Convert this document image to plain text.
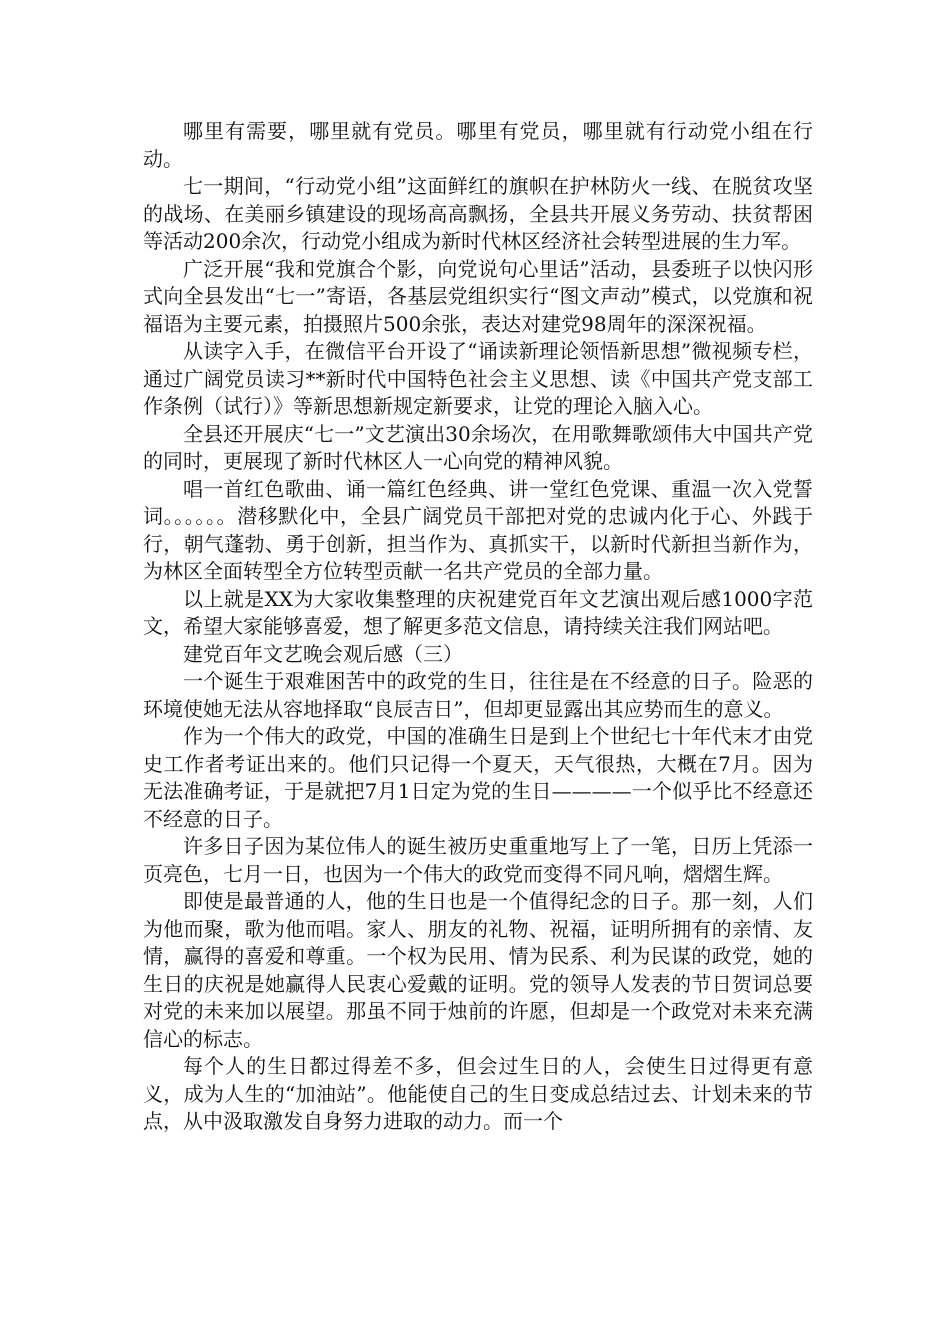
哪里有需要，哪里就有党员。哪里有党员，哪里就有行动党小组在行动。

七一期间，“行动党小组”这面鲜红的旗帜在护林防火一线、在脱贫攻坚的战场、在美丽乡镇建设的现场高高飘扬，全县共开展义务劳动、扶贫帮困等活动200余次，行动党小组成为新时代林区经济社会转型进展的生力军。

广泛开展“我和党旗合个影，向党说句心里话”活动，县委班子以快闪形式向全县发出“七一”寄语，各基层党组织实行“图文声动”模式，以党旗和祝福语为主要元素，拍摄照片500余张，表达对建党98周年的深深祝福。

从读字入手，在微信平台开设了“诵读新理论领悟新思想”微视频专栏，通过广阔党员读习**新时代中国特色社会主义思想、读《中国共产党支部工作条例（试行）》等新思想新规定新要求，让党的理论入脑入心。

全县还开展庆“七一”文艺演出30余场次，在用歌舞歌颂伟大中国共产党的同时，更展现了新时代林区人一心向党的精神风貌。

唱一首红色歌曲、诵一篇红色经典、讲一堂红色党课、重温一次入党誓词。。。。。。潜移默化中，全县广阔党员干部把对党的忠诚内化于心、外践于行，朝气蓬勃、勇于创新，担当作为、真抓实干，以新时代新担当新作为，为林区全面转型全方位转型贡献一名共产党员的全部力量。

以上就是XX为大家收集整理的庆祝建党百年文艺演出观后感1000字范文，希望大家能够喜爱，想了解更多范文信息，请持续关注我们网站吧。

建党百年文艺晚会观后感（三）

一个诞生于艰难困苦中的政党的生日，往往是在不经意的日子。险恶的环境使她无法从容地择取“良辰吉日”，但却更显露出其应势而生的意义。

作为一个伟大的政党，中国的准确生日是到上个世纪七十年代末才由党史工作者考证出来的。他们只记得一个夏天，天气很热，大概在7月。因为无法准确考证，于是就把7月1日定为党的生日————一个似乎比不经意还不经意的日子。

许多日子因为某位伟人的诞生被历史重重地写上了一笔，日历上凭添一页亮色，七月一日，也因为一个伟大的政党而变得不同凡响，熠熠生辉。

即使是最普通的人，他的生日也是一个值得纪念的日子。那一刻，人们为他而聚，歌为他而唱。家人、朋友的礼物、祝福，证明所拥有的亲情、友情，赢得的喜爱和尊重。一个权为民用、情为民系、利为民谋的政党，她的生日的庆祝是她赢得人民衷心爱戴的证明。党的领导人发表的节日贺词总要对党的未来加以展望。那虽不同于烛前的许愿，但却是一个政党对未来充满信心的标志。

每个人的生日都过得差不多，但会过生日的人，会使生日过得更有意义，成为人生的“加油站”。他能使自己的生日变成总结过去、计划未来的节点，从中汲取激发自身努力进取的动力。而一个
